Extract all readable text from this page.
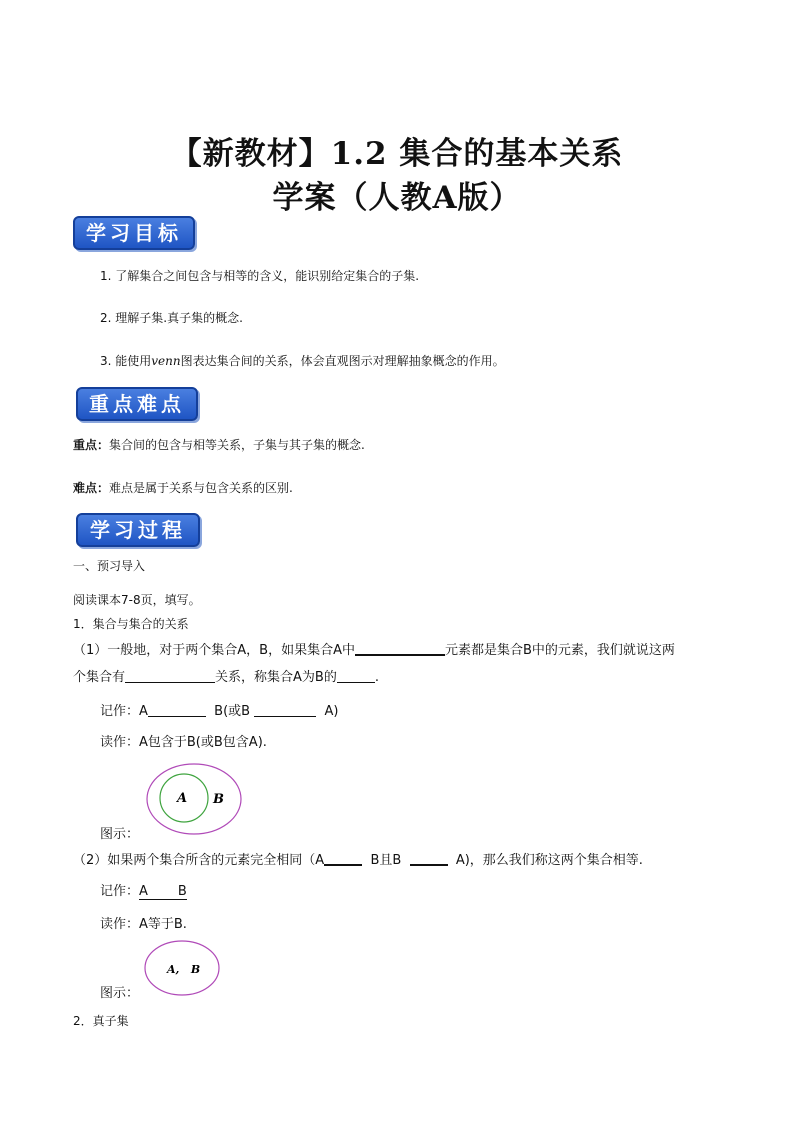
【新教材】1.2 集合的基本关系
学案（人教A版）
学习目标
1. 了解集合之间包含与相等的含义，能识别给定集合的子集.
2. 理解子集.真子集的概念.
3. 能使用venn图表达集合间的关系，体会直观图示对理解抽象概念的作用。
重点难点
重点：集合间的包含与相等关系，子集与其子集的概念.
难点：难点是属于关系与包含关系的区别.
学习过程
一、预习导入
阅读课本7-8页，填写。
1．集合与集合的关系
（1）一般地，对于两个集合A，B，如果集合A中	元素都是集合B中的元素，我们就说这两
个集合有	关系，称集合A为B的	.
记作：A	B(或B	A)
读作：A包含于B(或B包含A).
A B
图示：
（2）如果两个集合所含的元素完全相同（A	B且B	A)，那么我们称这两个集合相等.
记作：A B
读作：A等于B.
A,   B
图示：
2．真子集
